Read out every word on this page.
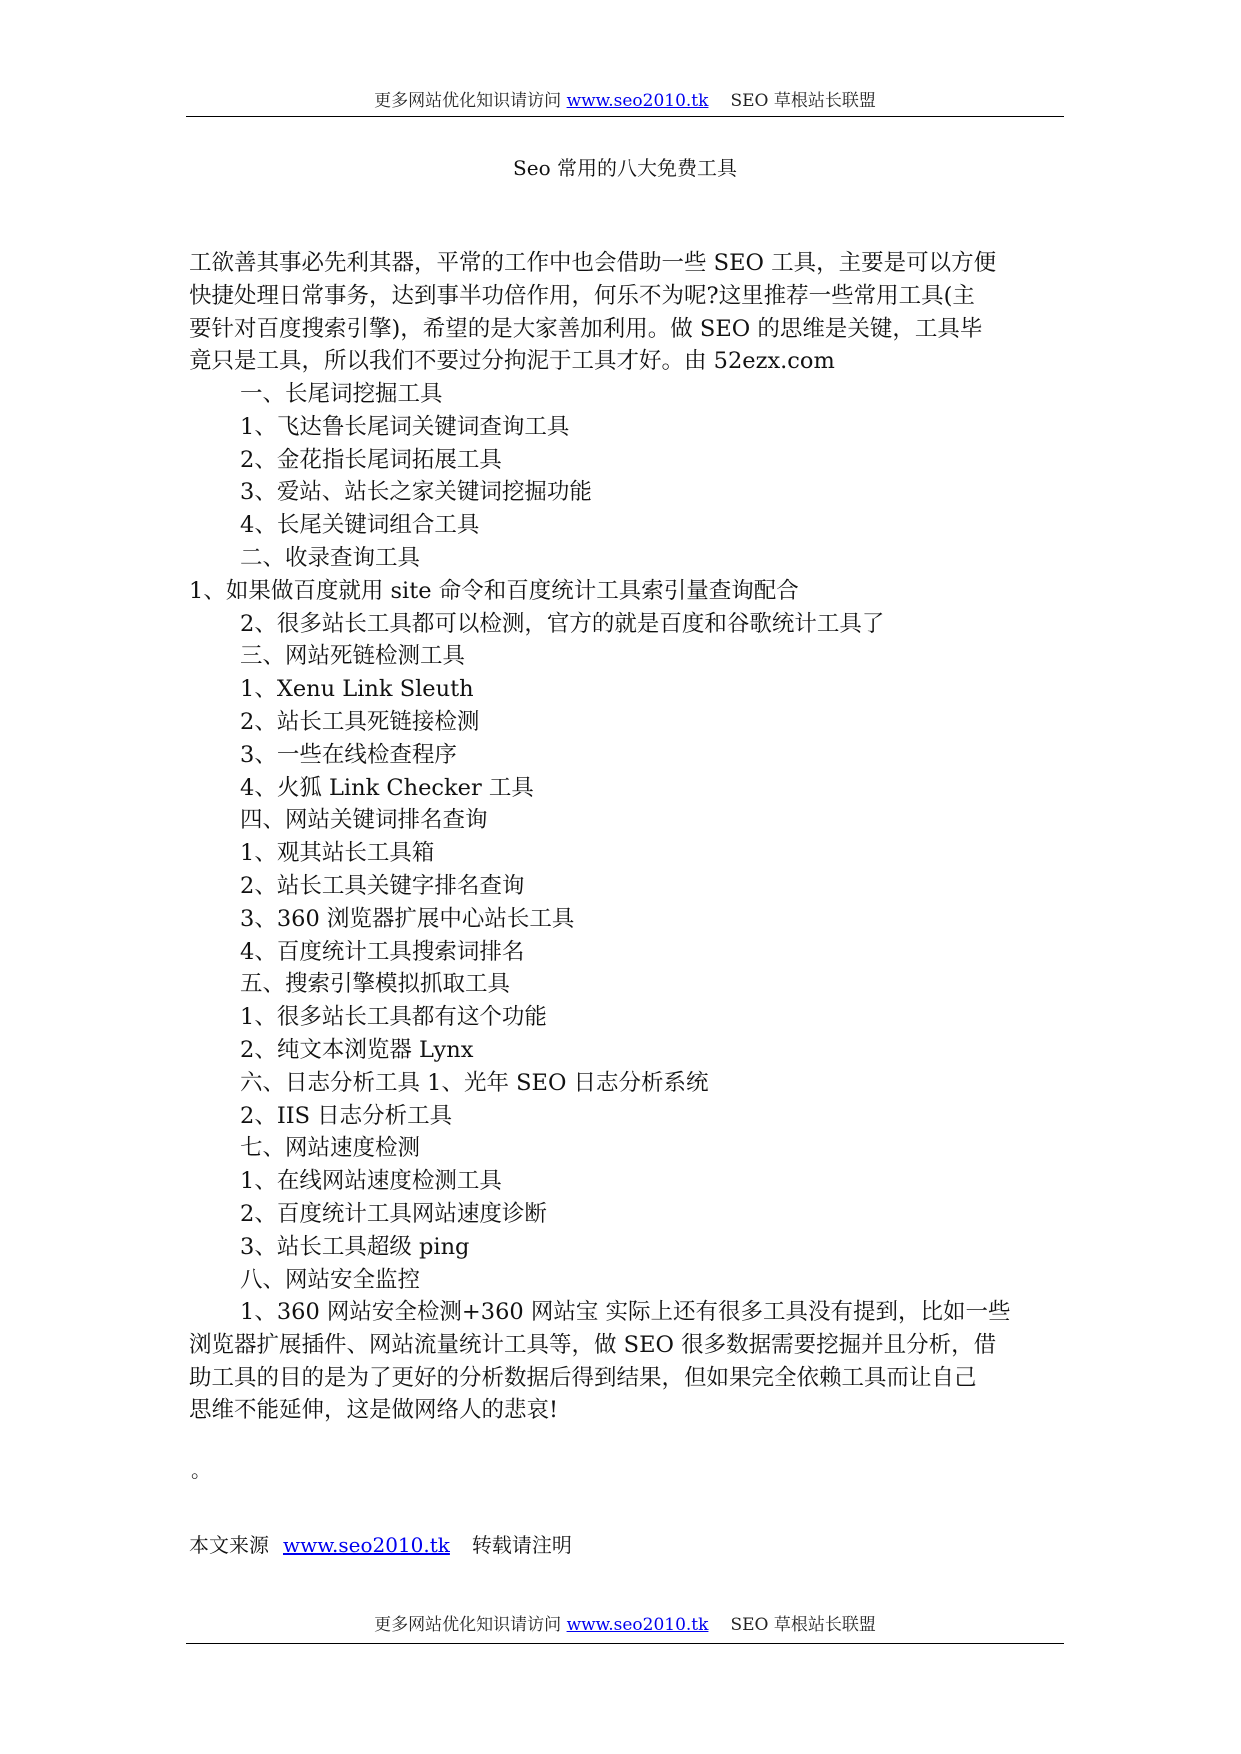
更多网站优化知识请访问 www.seo2010.tk SEO 草根站长联盟
Seo 常用的八大免费工具
工欲善其事必先利其器，平常的工作中也会借助一些 SEO 工具，主要是可以方便
快捷处理日常事务，达到事半功倍作用，何乐不为呢?这里推荐一些常用工具(主
要针对百度搜索引擎)，希望的是大家善加利用。做 SEO 的思维是关键，工具毕
竟只是工具，所以我们不要过分拘泥于工具才好。由 52ezx.com
一、长尾词挖掘工具
1、飞达鲁长尾词关键词查询工具
2、金花指长尾词拓展工具
3、爱站、站长之家关键词挖掘功能
4、长尾关键词组合工具
二、收录查询工具
1、如果做百度就用 site 命令和百度统计工具索引量查询配合
2、很多站长工具都可以检测，官方的就是百度和谷歌统计工具了
三、网站死链检测工具
1、Xenu Link Sleuth
2、站长工具死链接检测
3、一些在线检查程序
4、火狐 Link Checker 工具
四、网站关键词排名查询
1、观其站长工具箱
2、站长工具关键字排名查询
3、360 浏览器扩展中心站长工具
4、百度统计工具搜索词排名
五、搜索引擎模拟抓取工具
1、很多站长工具都有这个功能
2、纯文本浏览器 Lynx
六、日志分析工具 1、光年 SEO 日志分析系统
2、IIS 日志分析工具
七、网站速度检测
1、在线网站速度检测工具
2、百度统计工具网站速度诊断
3、站长工具超级 ping
八、网站安全监控
1、360 网站安全检测+360 网站宝 实际上还有很多工具没有提到，比如一些
浏览器扩展插件、网站流量统计工具等，做 SEO 很多数据需要挖掘并且分析，借
助工具的目的是为了更好的分析数据后得到结果，但如果完全依赖工具而让自己
思维不能延伸，这是做网络人的悲哀!
。
本文来源 www.seo2010.tk 转载请注明
更多网站优化知识请访问 www.seo2010.tk SEO 草根站长联盟
